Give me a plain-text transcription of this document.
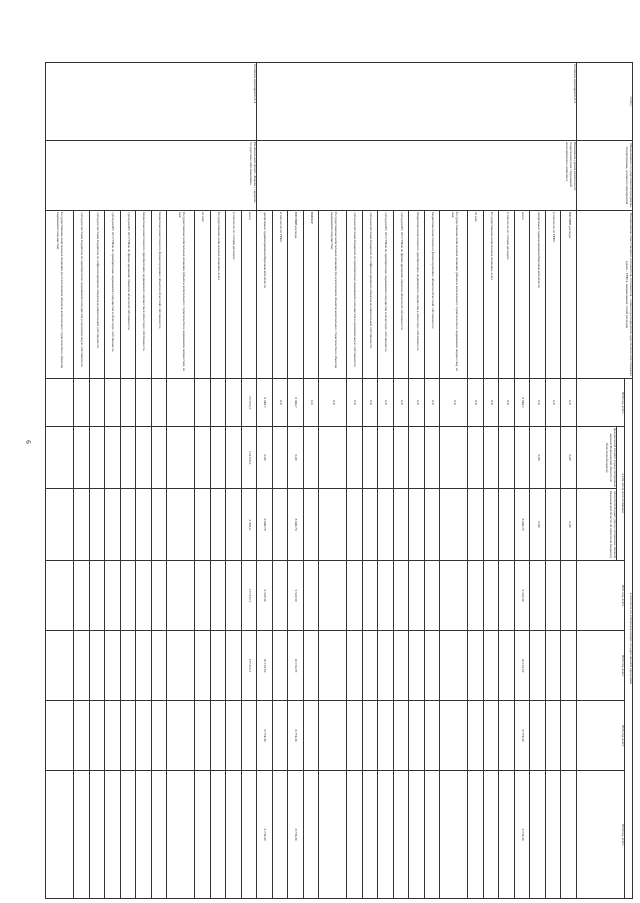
6
Статус	Наименование государственной программы, подпрограммы, основного мероприятия	Наименование ответственного исполнителя, исполнителя - главного распорядителя средств областного бюджета (далее - ГРБС), наименование статей расходов	в том числе по этапам реализации государственной программы						
			2020 год, всего	в том числе по источникам:		2021 год, всего	2022 год, всего	2023 год, всего	2024 год, всего
				федеральный бюджет (предусмотренные законом Воронежской области об областном бюджете)	областной бюджет (предусмотренные законом Воронежской области об областном бюджете)				
Основное мероприятие 8.3	Повышение уровня безопасности гидротехнических сооружений мелиоративного комплекса	ПРОЧИЕ расходы	0,0	0,00	0,00				
		в том числе по ГРБС:	0,0						
		департамент здравоохранения Воронежской области	0,0	0,00	0,00				
		всего	8 948,7		8 948,70	9 518,50	10 153,70	8 774,30	8 774,30
		в том числе по статьям расходов:	0,0						
		Государственные капитальные вложения, всего	0,0						
		из них:	0,0						
		Государственные капитальные вложения (объекты капитального строительства и недвижимое имущество), из них:	0,0						
		бюджетные инвестиции по финансированию объектов областной собственности	0,0						
		бюджетные инвестиции по приобретению недвижимого имущества в областную собственность	0,0						
		субсидии БУ, АУ, ГУПам по финансированию объектов областной собственности	0,0						
		субсидии БУ, АУ, ГУПам по приобретению недвижимого имущества в областную собственность	0,0						
		субсидии местным бюджетам по софинансированию объектов муниципальной собственности	0,0						
		субсидии местным бюджетам по приобретению недвижимого имущества в муниципальную собственность	0,0						
		Государственные капитальные вложения (за исключением объектов капитального строительства и объектов недвижимого имущества)	0,0						
		НИОКР	0,0						
		ПРОЧИЕ расходы	8 948,7	0,00	8 948,70	9 518,50	10 153,70	8 774,30	8 774,30
		в том числе по ГРБС:	0,0						
		департамент здравоохранения Воронежской области	8 948,7	0,00	8 948,70	9 518,50	10 153,70	8 774,30	8 774,30
Основное мероприятие 8.4	Региональный проект «Борьба с сердечно-сосудистыми заболеваниями»	всего	177 815,7	174 259,3	3 556,4	177 815,7	177 815,7		
		в том числе по статьям расходов:							
		Государственные капитальные вложения, всего							
		из них:							
		Государственные капитальные вложения (объекты капитального строительства и недвижимое имущество), из них:							
		бюджетные инвестиции по финансированию объектов областной собственности							
		бюджетные инвестиции по приобретению недвижимого имущества в областную собственность							
		субсидии БУ, АУ, ГУПам по финансированию объектов областной собственности							
		субсидии БУ, АУ, ГУПам по приобретению недвижимого имущества в областную собственность							
		субсидии местным бюджетам по софинансированию объектов муниципальной собственности							
		субсидии местным бюджетам по приобретению недвижимого имущества в муниципальную собственность							
		Государственные капитальные вложения (за исключением объектов капитального строительства и объектов недвижимого имущества)							
